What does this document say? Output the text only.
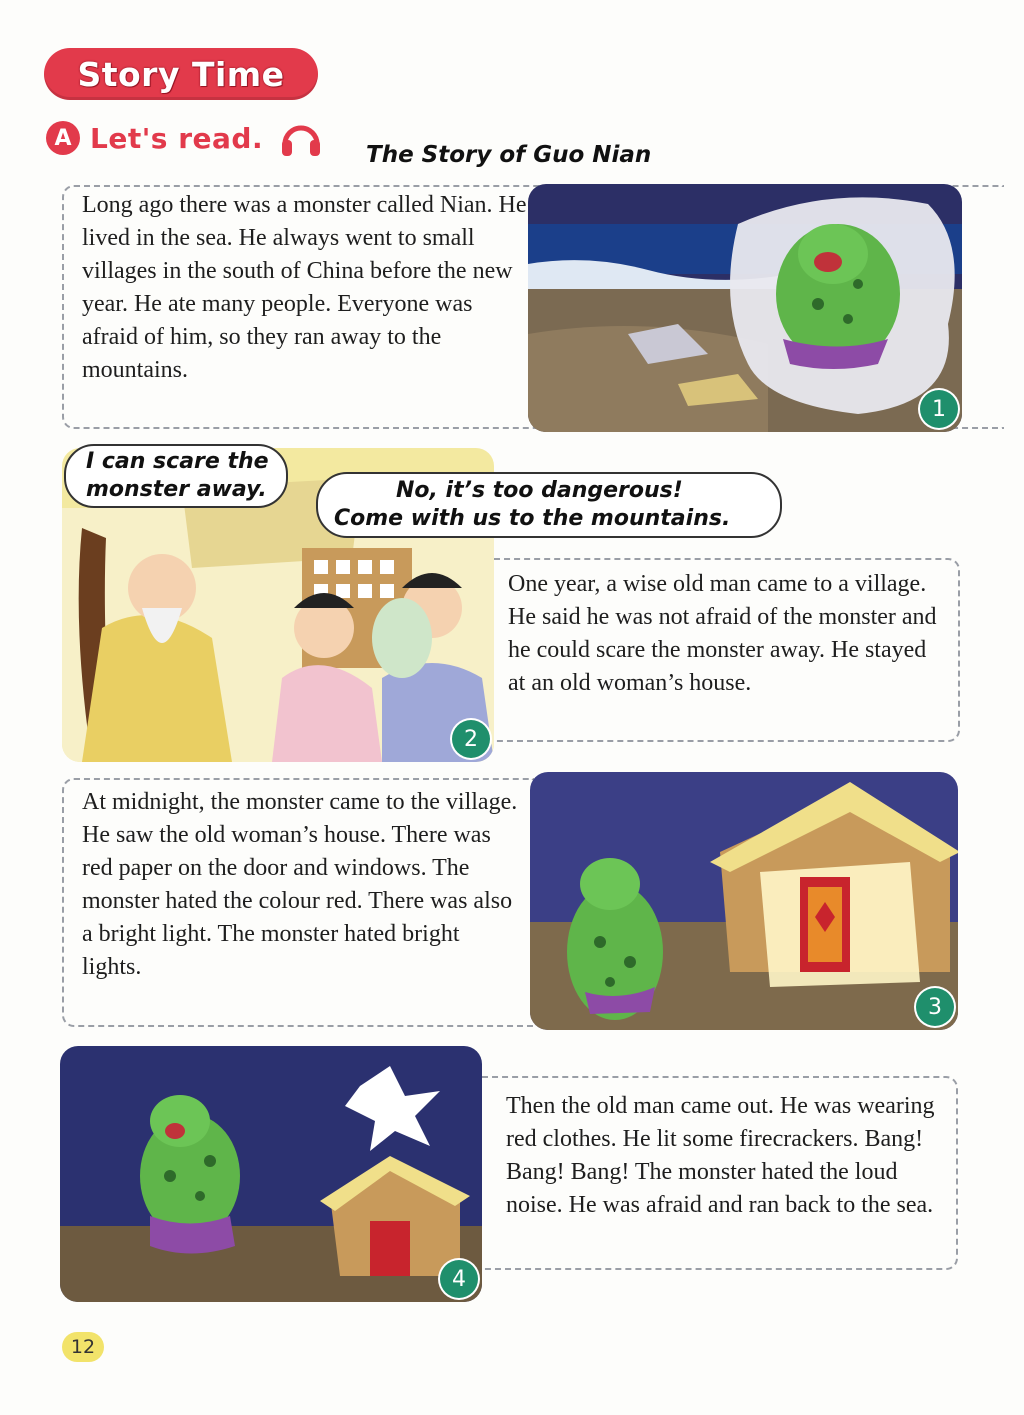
Story Time
A Let's read.
The Story of Guo Nian

Long ago there was a monster called Nian. He lived in the sea. He always went to small villages in the south of China before the new year. He ate many people. Everyone was afraid of him, so they ran away to the mountains.

1
2
I can scare the
monster away.	No, it’s too dangerous!
Come with us to the mountains.

One year, a wise old man came to a village. He said he was not afraid of the monster and he could scare the monster away. He stayed at an old woman’s house.

At midnight, the monster came to the village. He saw the old woman’s house. There was red paper on the door and windows. The monster hated the colour red. There was also a bright light. The monster hated bright lights.

3
4

Then the old man came out. He was wearing red clothes. He lit some firecrackers. Bang! Bang! Bang! The monster hated the loud noise. He was afraid and ran back to the sea.

12
